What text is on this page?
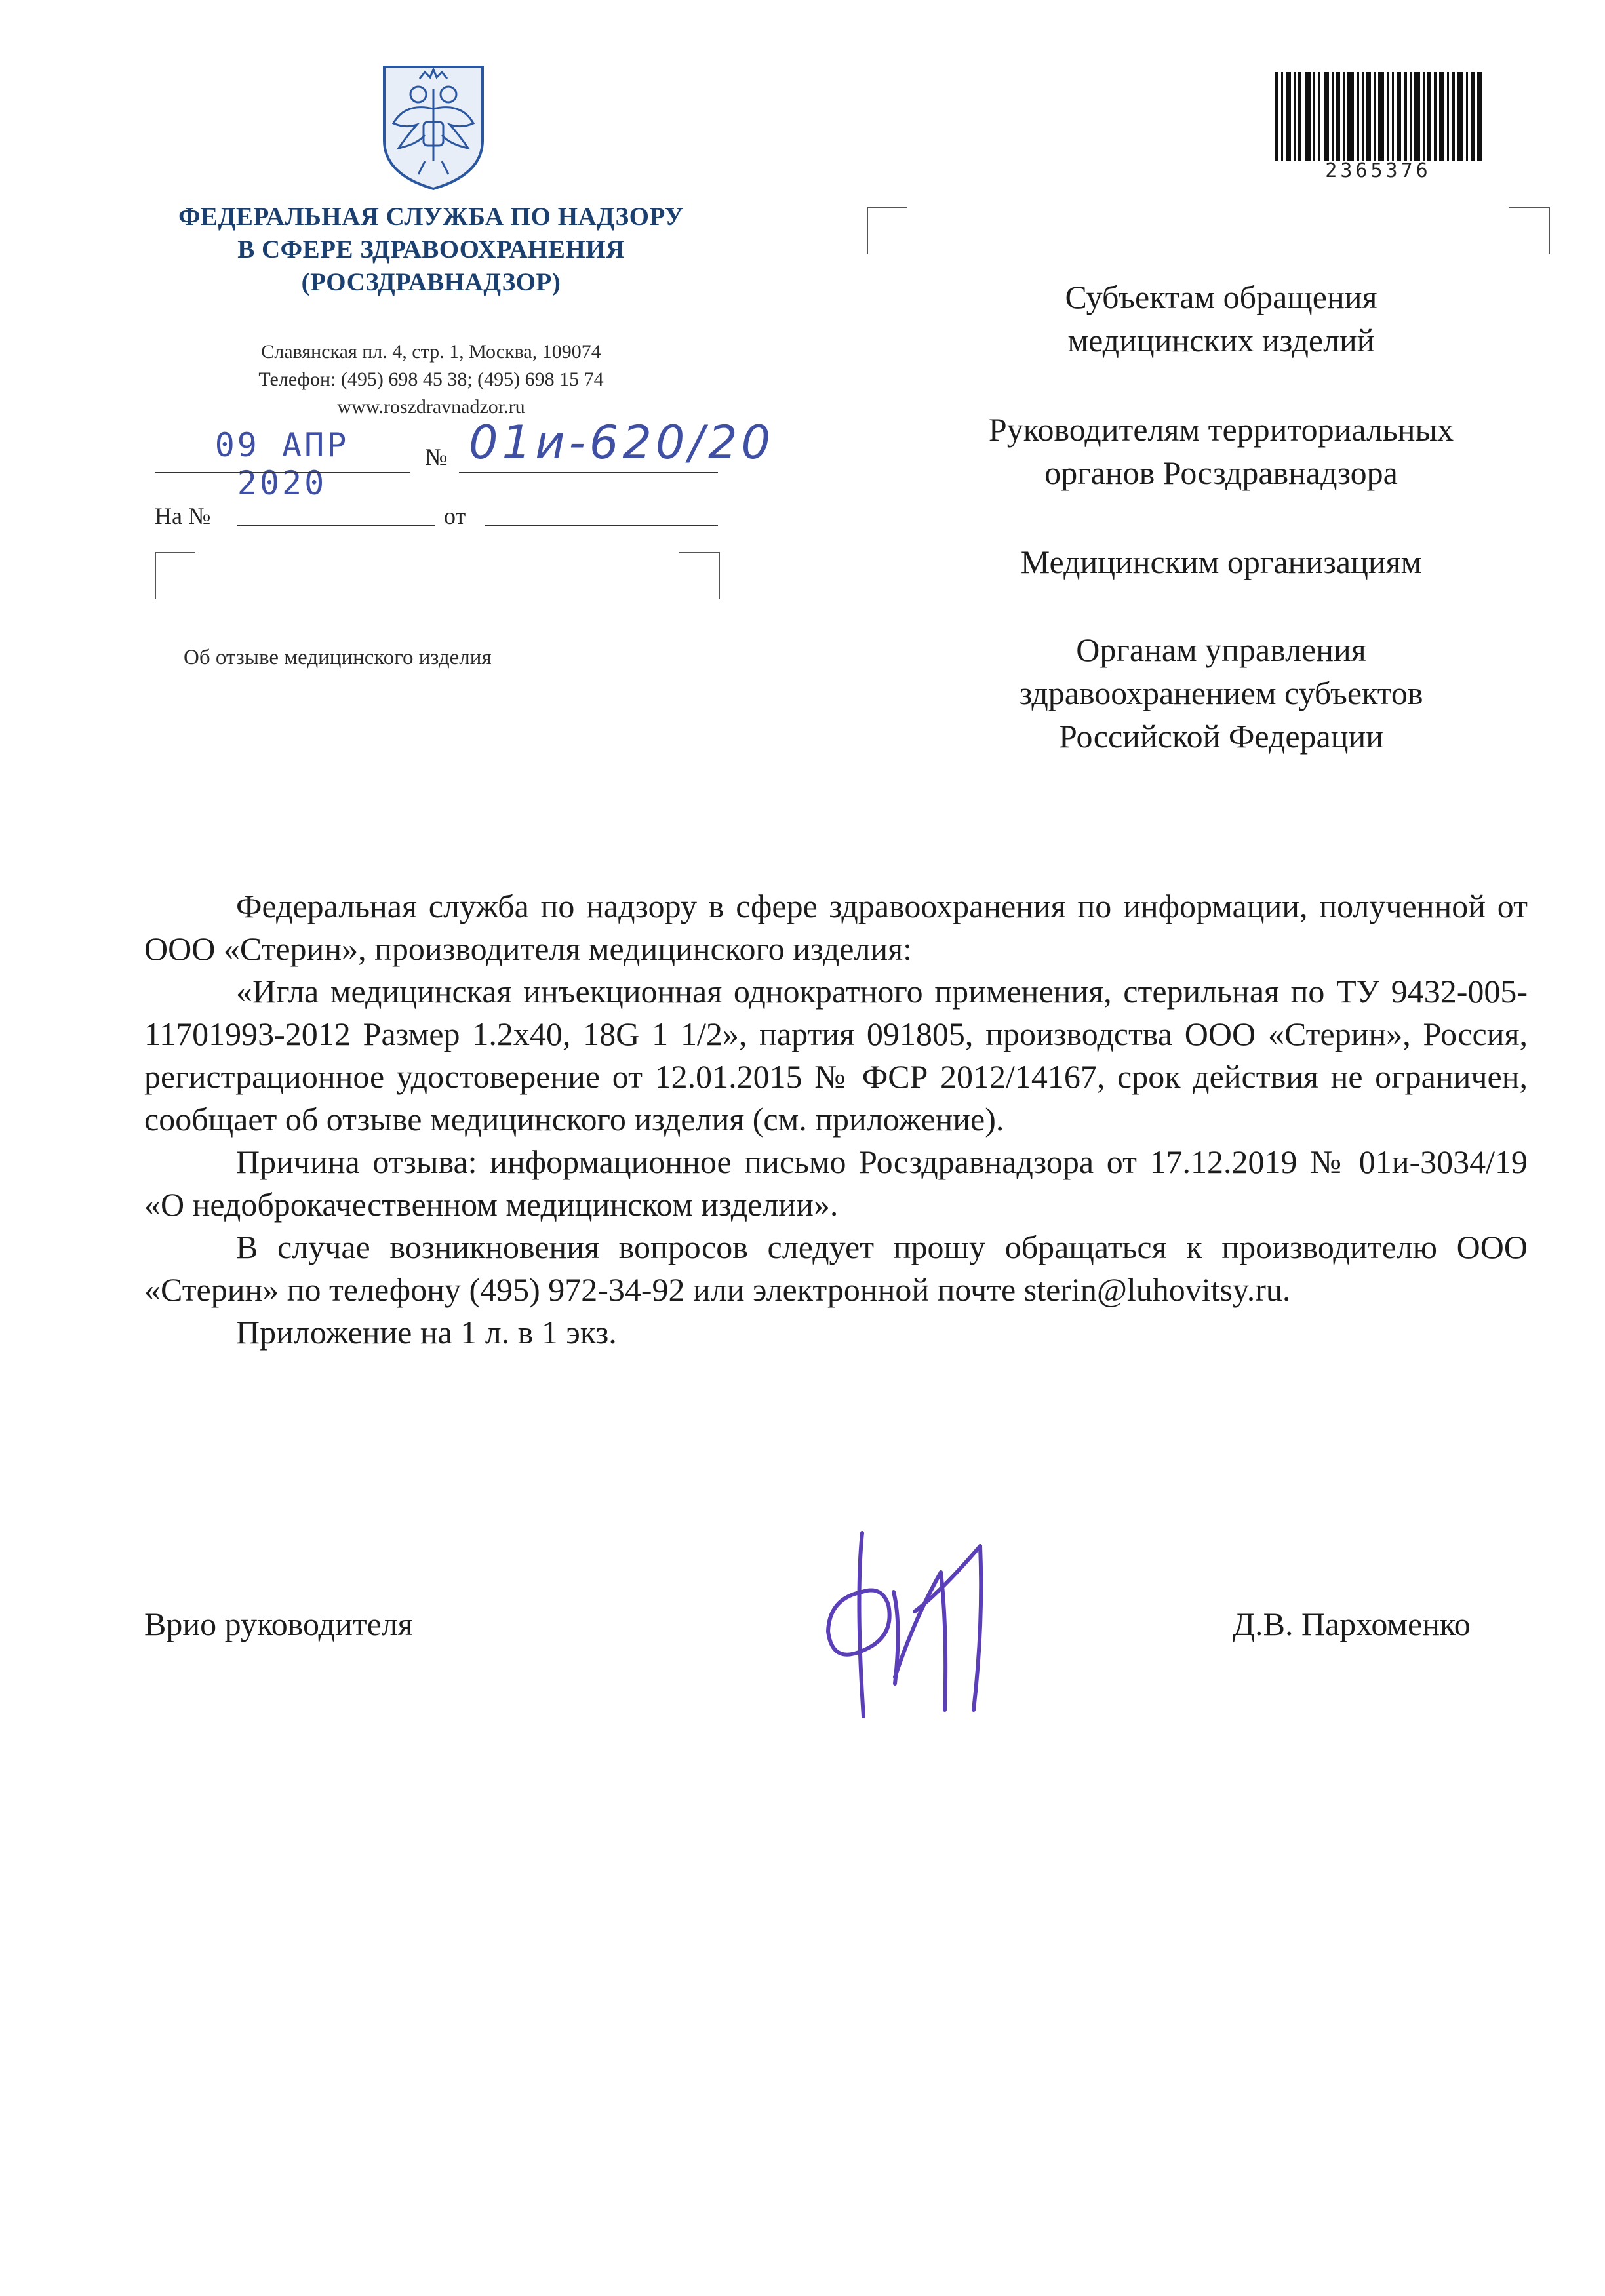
2365376
ФЕДЕРАЛЬНАЯ СЛУЖБА ПО НАДЗОРУ
В СФЕРЕ ЗДРАВООХРАНЕНИЯ
(РОСЗДРАВНАДЗОР)
Славянская пл. 4, стр. 1, Москва, 109074
Телефон: (495) 698 45 38; (495) 698 15 74
www.roszdravnadzor.ru
09 АПР 2020
№ 01и-620/20
На №	от
Об отзыве медицинского изделия
Субъектам обращения
медицинских изделий
Руководителям территориальных
органов Росздравнадзора
Медицинским организациям
Органам управления
здравоохранением субъектов
Российской Федерации

Федеральная служба по надзору в сфере здравоохранения по информации, полученной от ООО «Стерин», производителя медицинского изделия:

«Игла медицинская инъекционная однократного применения, стерильная по ТУ 9432-005-11701993-2012 Размер 1.2x40, 18G 1 1/2», партия 091805, производства ООО «Стерин», Россия, регистрационное удостоверение от 12.01.2015 № ФСР 2012/14167, срок действия не ограничен, сообщает об отзыве медицинского изделия (см. приложение).

Причина отзыва: информационное письмо Росздравнадзора от 17.12.2019 № 01и-3034/19 «О недоброкачественном медицинском изделии».

В случае возникновения вопросов следует прошу обращаться к производителю ООО «Стерин» по телефону (495) 972-34-92 или электронной почте sterin@luhovitsy.ru.

Приложение на 1 л. в 1 экз.

Врио руководителя	Д.В. Пархоменко
